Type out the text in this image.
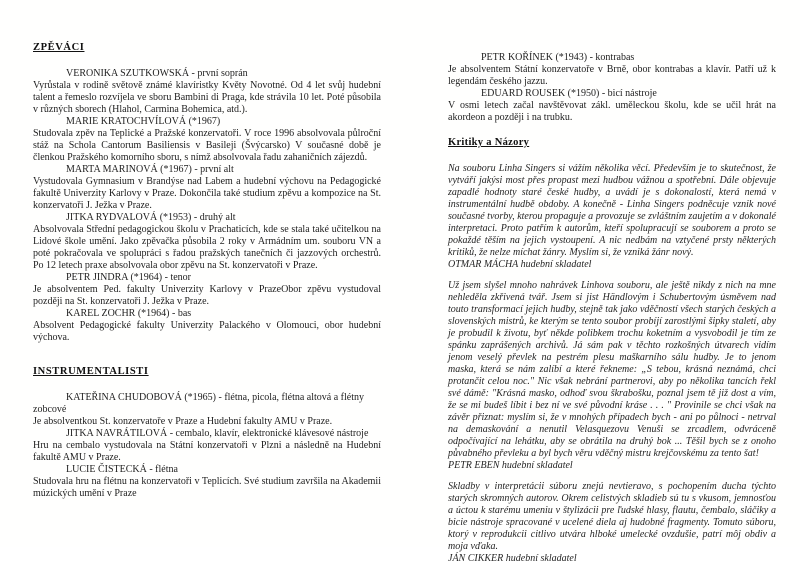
ZPĚVÁCI
VERONIKA SZUTKOWSKÁ - první soprán
Vyrůstala v rodině světově známé klavíristky Květy Novotné. Od 4 let svůj hudební talent a řemeslo rozvíjela ve sboru Bambini di Praga, kde strávila 10 let. Poté působila v různých sborech (Hlahol, Carmina Bohemica, atd.).
MARIE KRATOCHVÍLOVÁ (*1967)
Studovala zpěv na Teplické a Pražské konzervatoři. V roce 1996 absolvovala půlroční stáž na Schola Cantorum Basiliensis v Basileji (Švýcarsko) V současné době je členkou Pražského komorního sboru, s nímž absolvovala řadu zahaničních zájezdů.
MARTA MARINOVÁ (*1967) - první alt
Vystudovala Gymnasium v Brandýse nad Labem a hudební výchovu na Pedagogické fakultě Univerzity Karlovy v Praze. Dokončila také studium zpěvu a kompozice na St. konzervatoři J. Ježka v Praze.
JITKA RYDVALOVÁ (*1953) - druhý alt
Absolvovala Střední pedagogickou školu v Prachaticích, kde se stala také učitelkou na Lidové škole umění. Jako zpěvačka působila 2 roky v Armádním um. souboru VN a poté pokračovala ve spolupráci s řadou pražských tanečních či jazzových orchestrů. Po 12 letech praxe absolvovala obor zpěvu na St. konzervatoři v Praze.
PETR JINDRA (*1964) - tenor
Je absolventem Ped. fakulty Univerzity Karlovy v PrazeObor zpěvu vystudoval později na St. konzervatoři J. Ježka v Praze.
KAREL ZOCHR (*1964) - bas
Absolvent Pedagogické fakulty Univerzity Palackého v Olomouci, obor hudební výchova.
INSTRUMENTALISTI
KATEŘINA CHUDOBOVÁ (*1965) - flétna, picola, flétna altová a flétny zobcové
Je absolventkou St. konzervatoře v Praze a Hudební fakulty AMU v Praze.
JITKA NAVRÁTILOVÁ - cembalo, klavír, elektronické klávesové nástroje
Hru na cembalo vystudovala na Státní konzervatoři v Plzni a následně na Hudební fakultě AMU v Praze.
LUCIE ČISTECKÁ - flétna
Studovala hru na flétnu na konzervatoři v Teplicích. Své studium završila na Akademii múzických umění v Praze
PETR KOŘÍNEK (*1943) - kontrabas
Je absolventem Státní konzervatoře v Brně, obor kontrabas a klavír. Patří už k legendám českého jazzu.
EDUARD ROUSEK (*1950) - bicí nástroje
V osmi letech začal navštěvovat zákl. uměleckou školu, kde se učil hrát na akordeon a později i na trubku.
Kritiky a Názory
Na souboru Linha Singers si vážím několika věcí. Především je to skutečnost, že vytváří jakýsi most přes propast mezi hudbou vážnou a spotřební. Dále objevuje zapadlé hodnoty staré české hudby, a uvádí je s dokonalostí, která nemá v instrumentální hudbě obdoby. A konečně - Linha Singers podněcuje vznik nové současné tvorby, kterou propaguje a provozuje se zvláštním zaujetím a v dokonalé interpretaci. Proto patřím k autorům, kteří spolupracují se souborem a proto se pokaždé těším na jejich vystoupení. A nic nedbám na vztyčené prsty některých kritiků, že nelze míchat žánry. Myslím si, že vzniká žánr nový.
OTMAR MÁCHA hudební skladatel
Už jsem slyšel mnoho nahrávek Linhova souboru, ale ještě nikdy z nich na mne nehleděla zkřivená tvář. Jsem si jist Händlovým i Schubertovým úsměvem nad touto transformací jejich hudby, stejně tak jako vděčností všech starých českých a slovenských mistrů, ke kterým se tento soubor probíjí zarostlými šipky staletí, aby je probudil k životu, byť někde polibkem trochu koketním a vysvobodil je tím ze spánku zaprášených archivů. Já sám pak v těchto rozkošných útvarech vidím jenom veselý převlek na pestrém plesu maškarního sálu hudby. Je to jenom maska, která se nám zalíbí a které řekneme: „S tebou, krásná neznámá, chci protančit celou noc." Nic však nebrání partnerovi, aby po několika tancích řekl své dámě: "Krásná masko, odhoď svou škrabošku, poznal jsem tě již dost a vím, že se mi budeš líbit i bez ní ve své původní kráse . . . " Provinile se chci však na závěr přiznat: myslím si, že v mnohých případech bych - ani po půlnoci - netrval na demaskování a nenutil Velasquezovu Venuši se zrcadlem, odvráceně odpočívající na lehátku, aby se obrátila na druhý bok ... Těšil bych se z onoho půvabného převleku a byl bych věru vděčný mistru krejčovskému za tento šat!
PETR EBEN hudební skladatel
Skladby v interpretácii súboru znejú nevtieravo, s pochopením ducha týchto starých skromných autorov. Okrem celistvých skladieb sú tu s vkusom, jemnosťou a úctou k starému umeniu v štylizácii pre ľudské hlasy, flautu, čembalo, sláčiky a bicie nástroje spracované v ucelené diela aj hudobné fragmenty. Tomuto súboru, ktorý v reprodukcii citlivo utvára hlboké umelecké ovzdušie, patrí môj obdiv a moja vďaka.
JÁN CIKKER hudební skladatel
